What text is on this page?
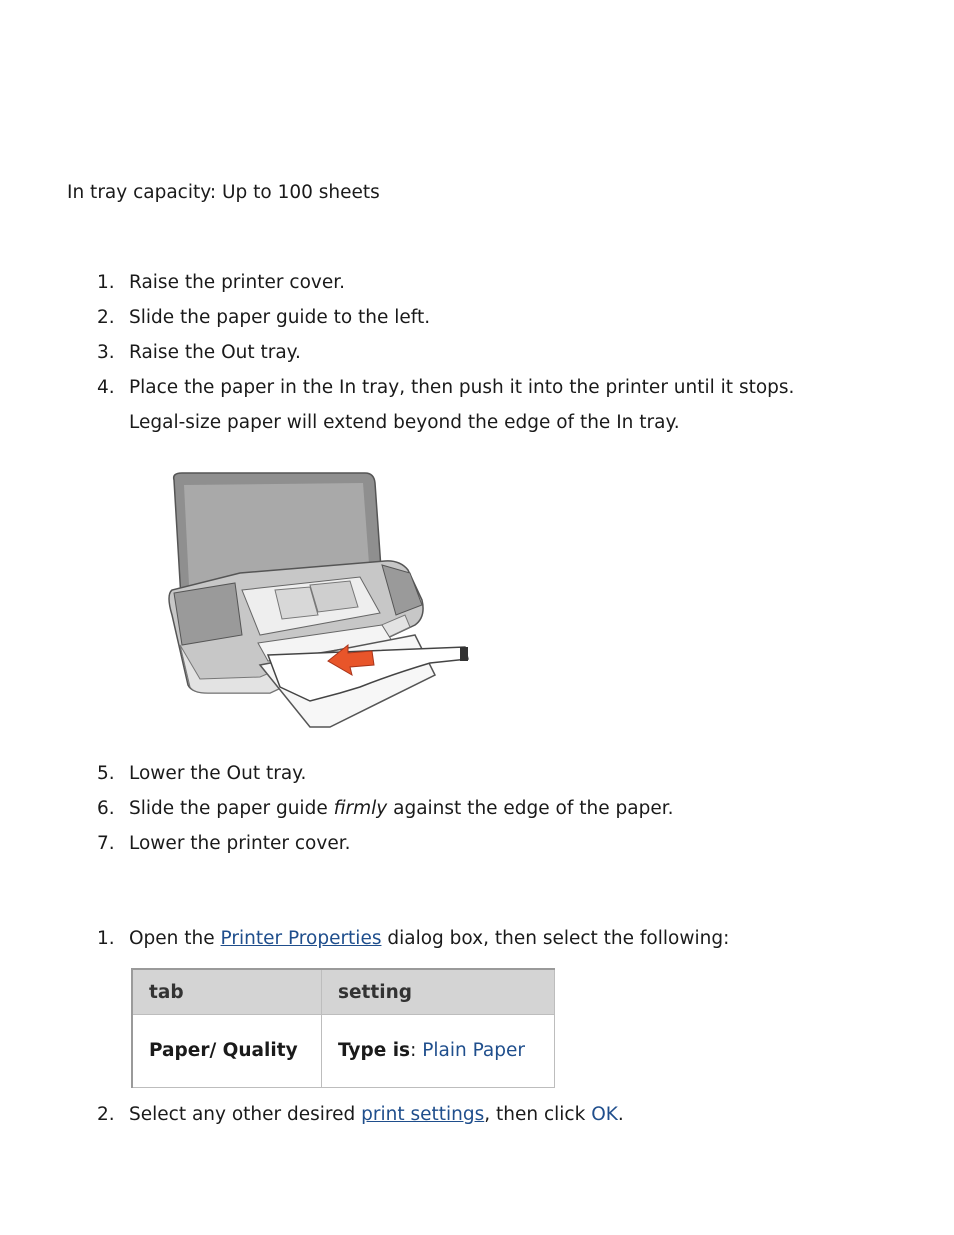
In tray capacity: Up to 100 sheets

1. Raise the printer cover.
2. Slide the paper guide to the left.
3. Raise the Out tray.
4. Place the paper in the In tray, then push it into the printer until it stops.

Legal-size paper will extend beyond the edge of the In tray.

5. Lower the Out tray.
6. Slide the paper guide firmly against the edge of the paper.
7. Lower the printer cover.
1. Open the Printer Properties dialog box, then select the following:
tab	setting
Paper/ Quality	Type is: Plain Paper
2. Select any other desired print settings, then click OK.
